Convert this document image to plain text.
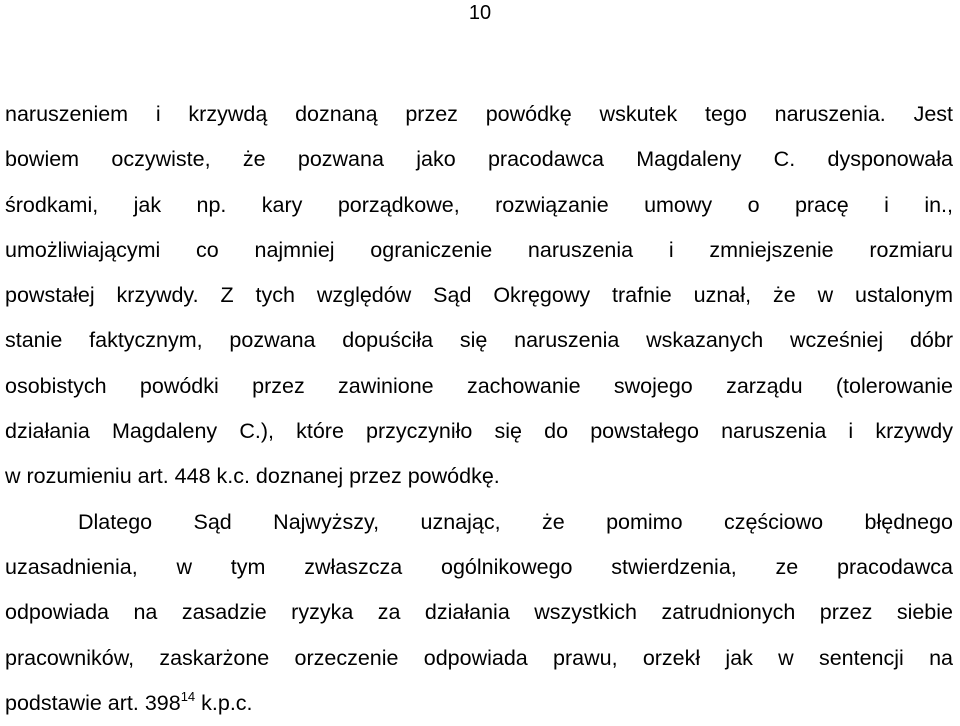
10

naruszeniem i krzywdą doznaną przez powódkę wskutek tego naruszenia. Jest
bowiem oczywiste, że pozwana jako pracodawca Magdaleny C. dysponowała
środkami, jak np. kary porządkowe, rozwiązanie umowy o pracę i in.,
umożliwiającymi co najmniej ograniczenie naruszenia i zmniejszenie rozmiaru
powstałej krzywdy. Z tych względów Sąd Okręgowy trafnie uznał, że w ustalonym
stanie faktycznym, pozwana dopuściła się naruszenia wskazanych wcześniej dóbr
osobistych powódki przez zawinione zachowanie swojego zarządu (tolerowanie
działania Magdaleny C.), które przyczyniło się do powstałego naruszenia i krzywdy
w rozumieniu art. 448 k.c. doznanej przez powódkę.

Dlatego Sąd Najwyższy, uznając, że pomimo częściowo błędnego
uzasadnienia, w tym zwłaszcza ogólnikowego stwierdzenia, ze pracodawca
odpowiada na zasadzie ryzyka za działania wszystkich zatrudnionych przez siebie
pracowników, zaskarżone orzeczenie odpowiada prawu, orzekł jak w sentencji na
podstawie art. $398^{14}$ k.p.c.
